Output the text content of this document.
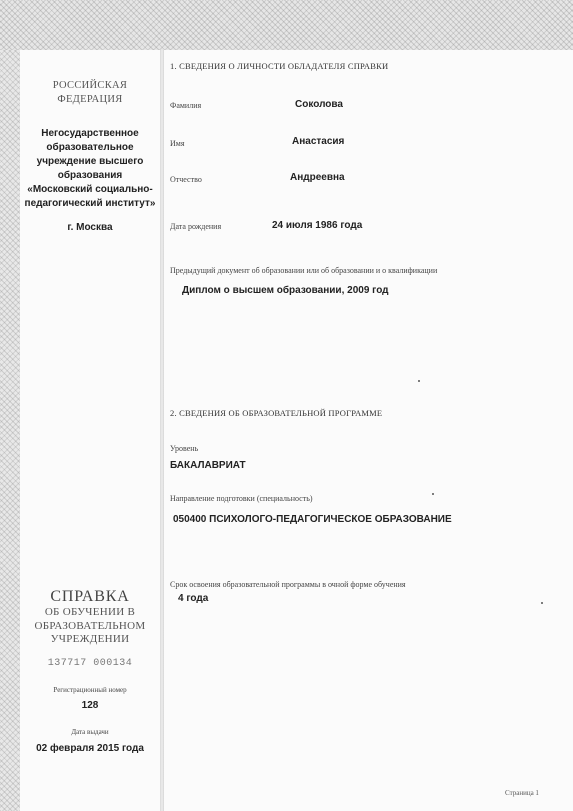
РОССИЙСКАЯ
ФЕДЕРАЦИЯ
Негосударственное
образовательное
учреждение высшего
образования
«Московский социально-
педагогический институт»
г. Москва
СПРАВКА
ОБ ОБУЧЕНИИ В
ОБРАЗОВАТЕЛЬНОМ
УЧРЕЖДЕНИИ
137717 000134
Регистрационный номер
128
Дата выдачи
02 февраля 2015 года
1. СВЕДЕНИЯ О ЛИЧНОСТИ ОБЛАДАТЕЛЯ СПРАВКИ
Фамилия	Соколова
Имя	Анастасия
Отчество	Андреевна
Дата рождения	24 июля 1986 года
Предыдущий документ об образовании или об образовании и о квалификации
Диплом о высшем образовании, 2009 год
2. СВЕДЕНИЯ ОБ ОБРАЗОВАТЕЛЬНОЙ ПРОГРАММЕ
Уровень
БАКАЛАВРИАТ
Направление подготовки (специальность)
050400 ПСИХОЛОГО-ПЕДАГОГИЧЕСКОЕ ОБРАЗОВАНИЕ
Срок освоения образовательной программы в очной форме обучения
4 года
Страница 1
